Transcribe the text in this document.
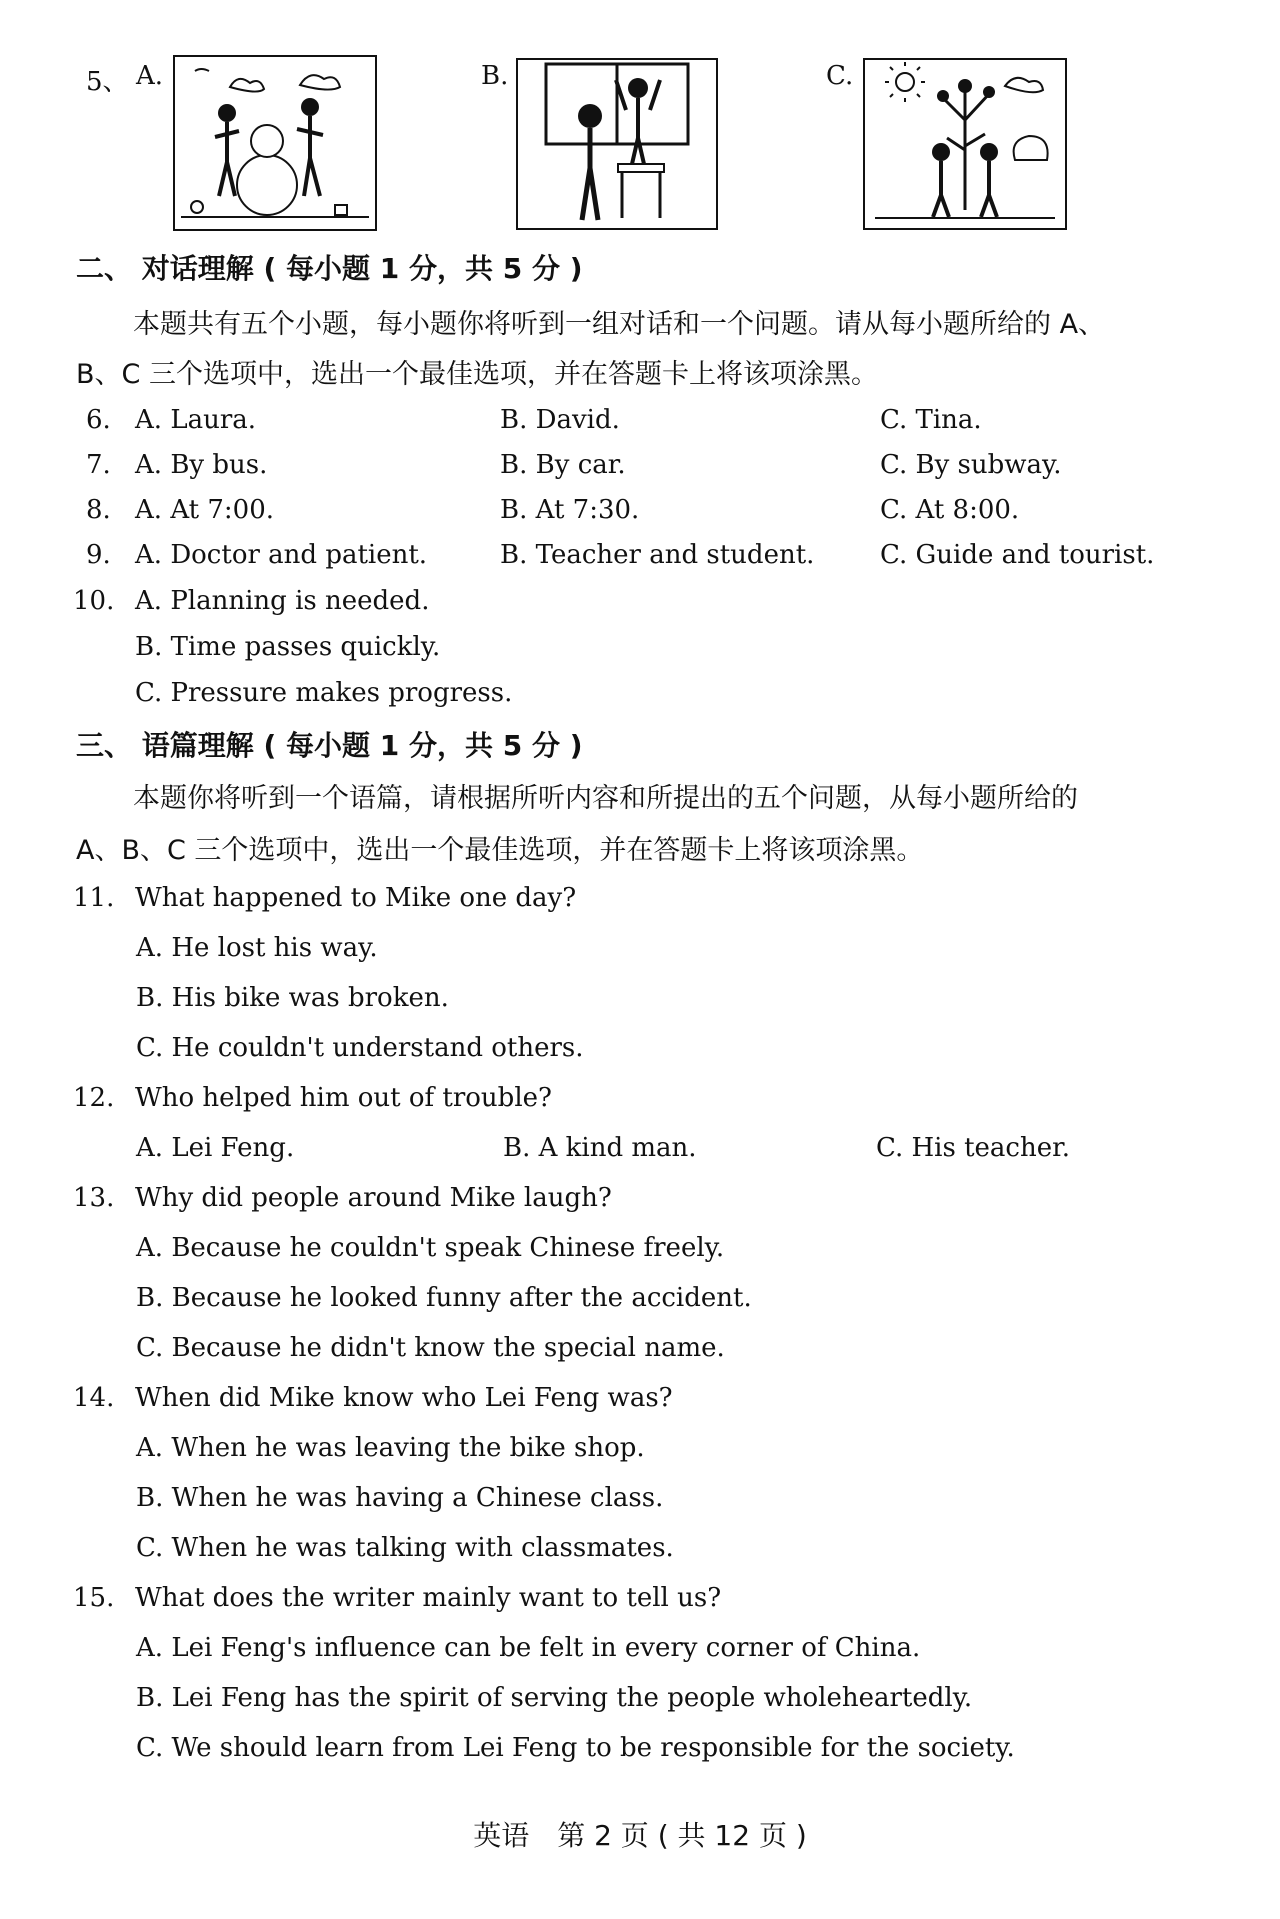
5、 A.	B.	C.
二、 对话理解 ( 每小题 1 分，共 5 分 )
本题共有五个小题，每小题你将听到一组对话和一个问题。请从每小题所给的 A、
B、C 三个选项中，选出一个最佳选项，并在答题卡上将该项涂黑。
6. A. Laura.	B. David.	C. Tina.
7. A. By bus.	B. By car.	C. By subway.
8. A. At 7:00.	B. At 7:30.	C. At 8:00.
9. A. Doctor and patient.	B. Teacher and student.	C. Guide and tourist.
10. A. Planning is needed.
B. Time passes quickly.
C. Pressure makes progress.
三、 语篇理解 ( 每小题 1 分，共 5 分 )
本题你将听到一个语篇，请根据所听内容和所提出的五个问题，从每小题所给的
A、B、C 三个选项中，选出一个最佳选项，并在答题卡上将该项涂黑。
11. What happened to Mike one day?
A. He lost his way.
B. His bike was broken.
C. He couldn't understand others.
12. Who helped him out of trouble?
A. Lei Feng.	B. A kind man.	C. His teacher.
13. Why did people around Mike laugh?
A. Because he couldn't speak Chinese freely.
B. Because he looked funny after the accident.
C. Because he didn't know the special name.
14. When did Mike know who Lei Feng was?
A. When he was leaving the bike shop.
B. When he was having a Chinese class.
C. When he was talking with classmates.
15. What does the writer mainly want to tell us?
A. Lei Feng's influence can be felt in every corner of China.
B. Lei Feng has the spirit of serving the people wholeheartedly.
C. We should learn from Lei Feng to be responsible for the society.
英语　第 2 页 ( 共 12 页 )
